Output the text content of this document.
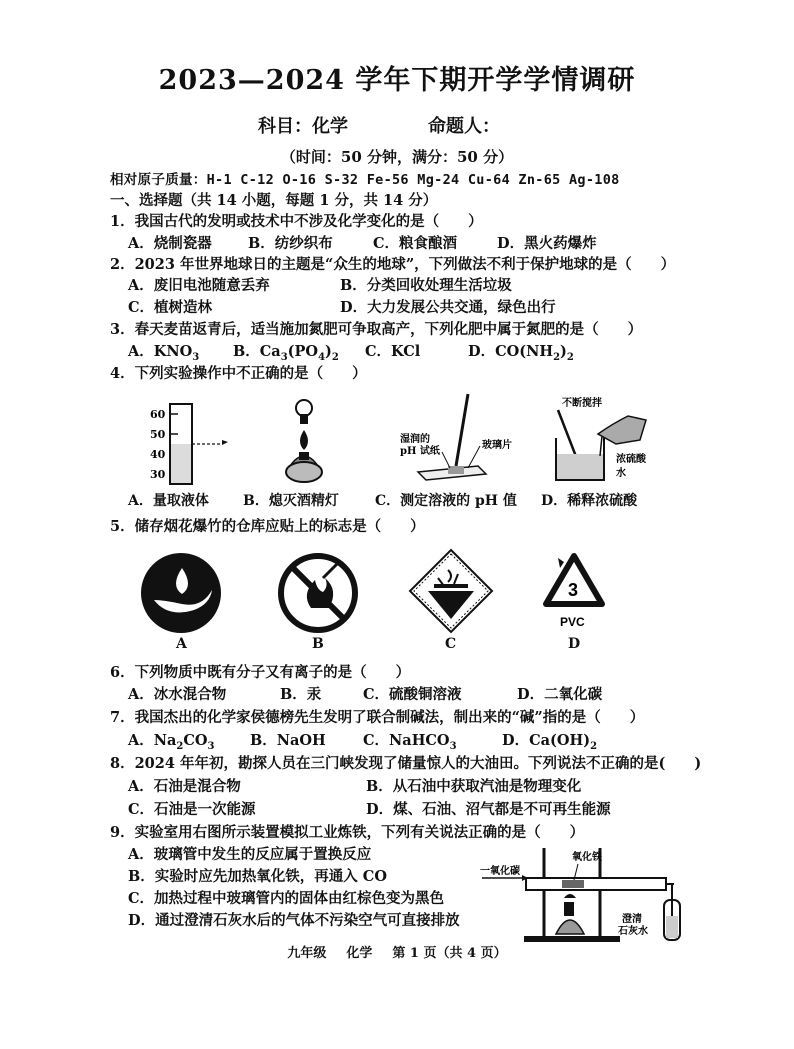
2023—2024 学年下期开学学情调研
科目：化学	命题人：
（时间：50 分钟，满分：50 分）
相对原子质量：H-1 C-12 O-16 S-32 Fe-56 Mg-24 Cu-64 Zn-65 Ag-108
一、选择题（共 14 小题，每题 1 分，共 14 分）
1．我国古代的发明或技术中不涉及化学变化的是（　　）
A．烧制瓷器	B．纺纱织布	C．粮食酿酒	D．黑火药爆炸
2．2023 年世界地球日的主题是“众生的地球”，下列做法不利于保护地球的是（　　）
A．废旧电池随意丢弃	B．分类回收处理生活垃圾
C．植树造林	D．大力发展公共交通，绿色出行
3．春天麦苗返青后，适当施加氮肥可争取高产，下列化肥中属于氮肥的是（　　）
A．$KNO_3$ B．$Ca_3(PO_4)_2$ C．KCl	D．$CO(NH_2)_2$
4．下列实验操作中不正确的是（　　）
60
50
40
30
湿润的
pH 试纸
玻璃片
不断搅拌
浓硫酸
水
A．量取液体 B．熄灭酒精灯	C．测定溶液的 pH 值 D．稀释浓硫酸
5．储存烟花爆竹的仓库应贴上的标志是（　　）
3
PVC
A	B	C	D
6．下列物质中既有分子又有离子的是（　　）
A．冰水混合物	B．汞	C．硫酸铜溶液	D．二氧化碳
7．我国杰出的化学家侯德榜先生发明了联合制碱法，制出来的“碱”指的是（　　）
A．$Na_2CO_3$ B．NaOH	C．NaHCO$_3$	D．$Ca(OH)_2$
8．2024 年年初，勘探人员在三门峡发现了储量惊人的大油田。下列说法不正确的是(　　)
A．石油是混合物	B．从石油中获取汽油是物理变化
C．石油是一次能源	D．煤、石油、沼气都是不可再生能源
9．实验室用右图所示装置模拟工业炼铁，下列有关说法正确的是（　　）
A．玻璃管中发生的反应属于置换反应
B．实验时应先加热氧化铁，再通入 CO
C．加热过程中玻璃管内的固体由红棕色变为黑色
D．通过澄清石灰水后的气体不污染空气可直接排放
一氧化碳
氧化铁
澄清
石灰水
九年级 化学 第 1 页（共 4 页）
